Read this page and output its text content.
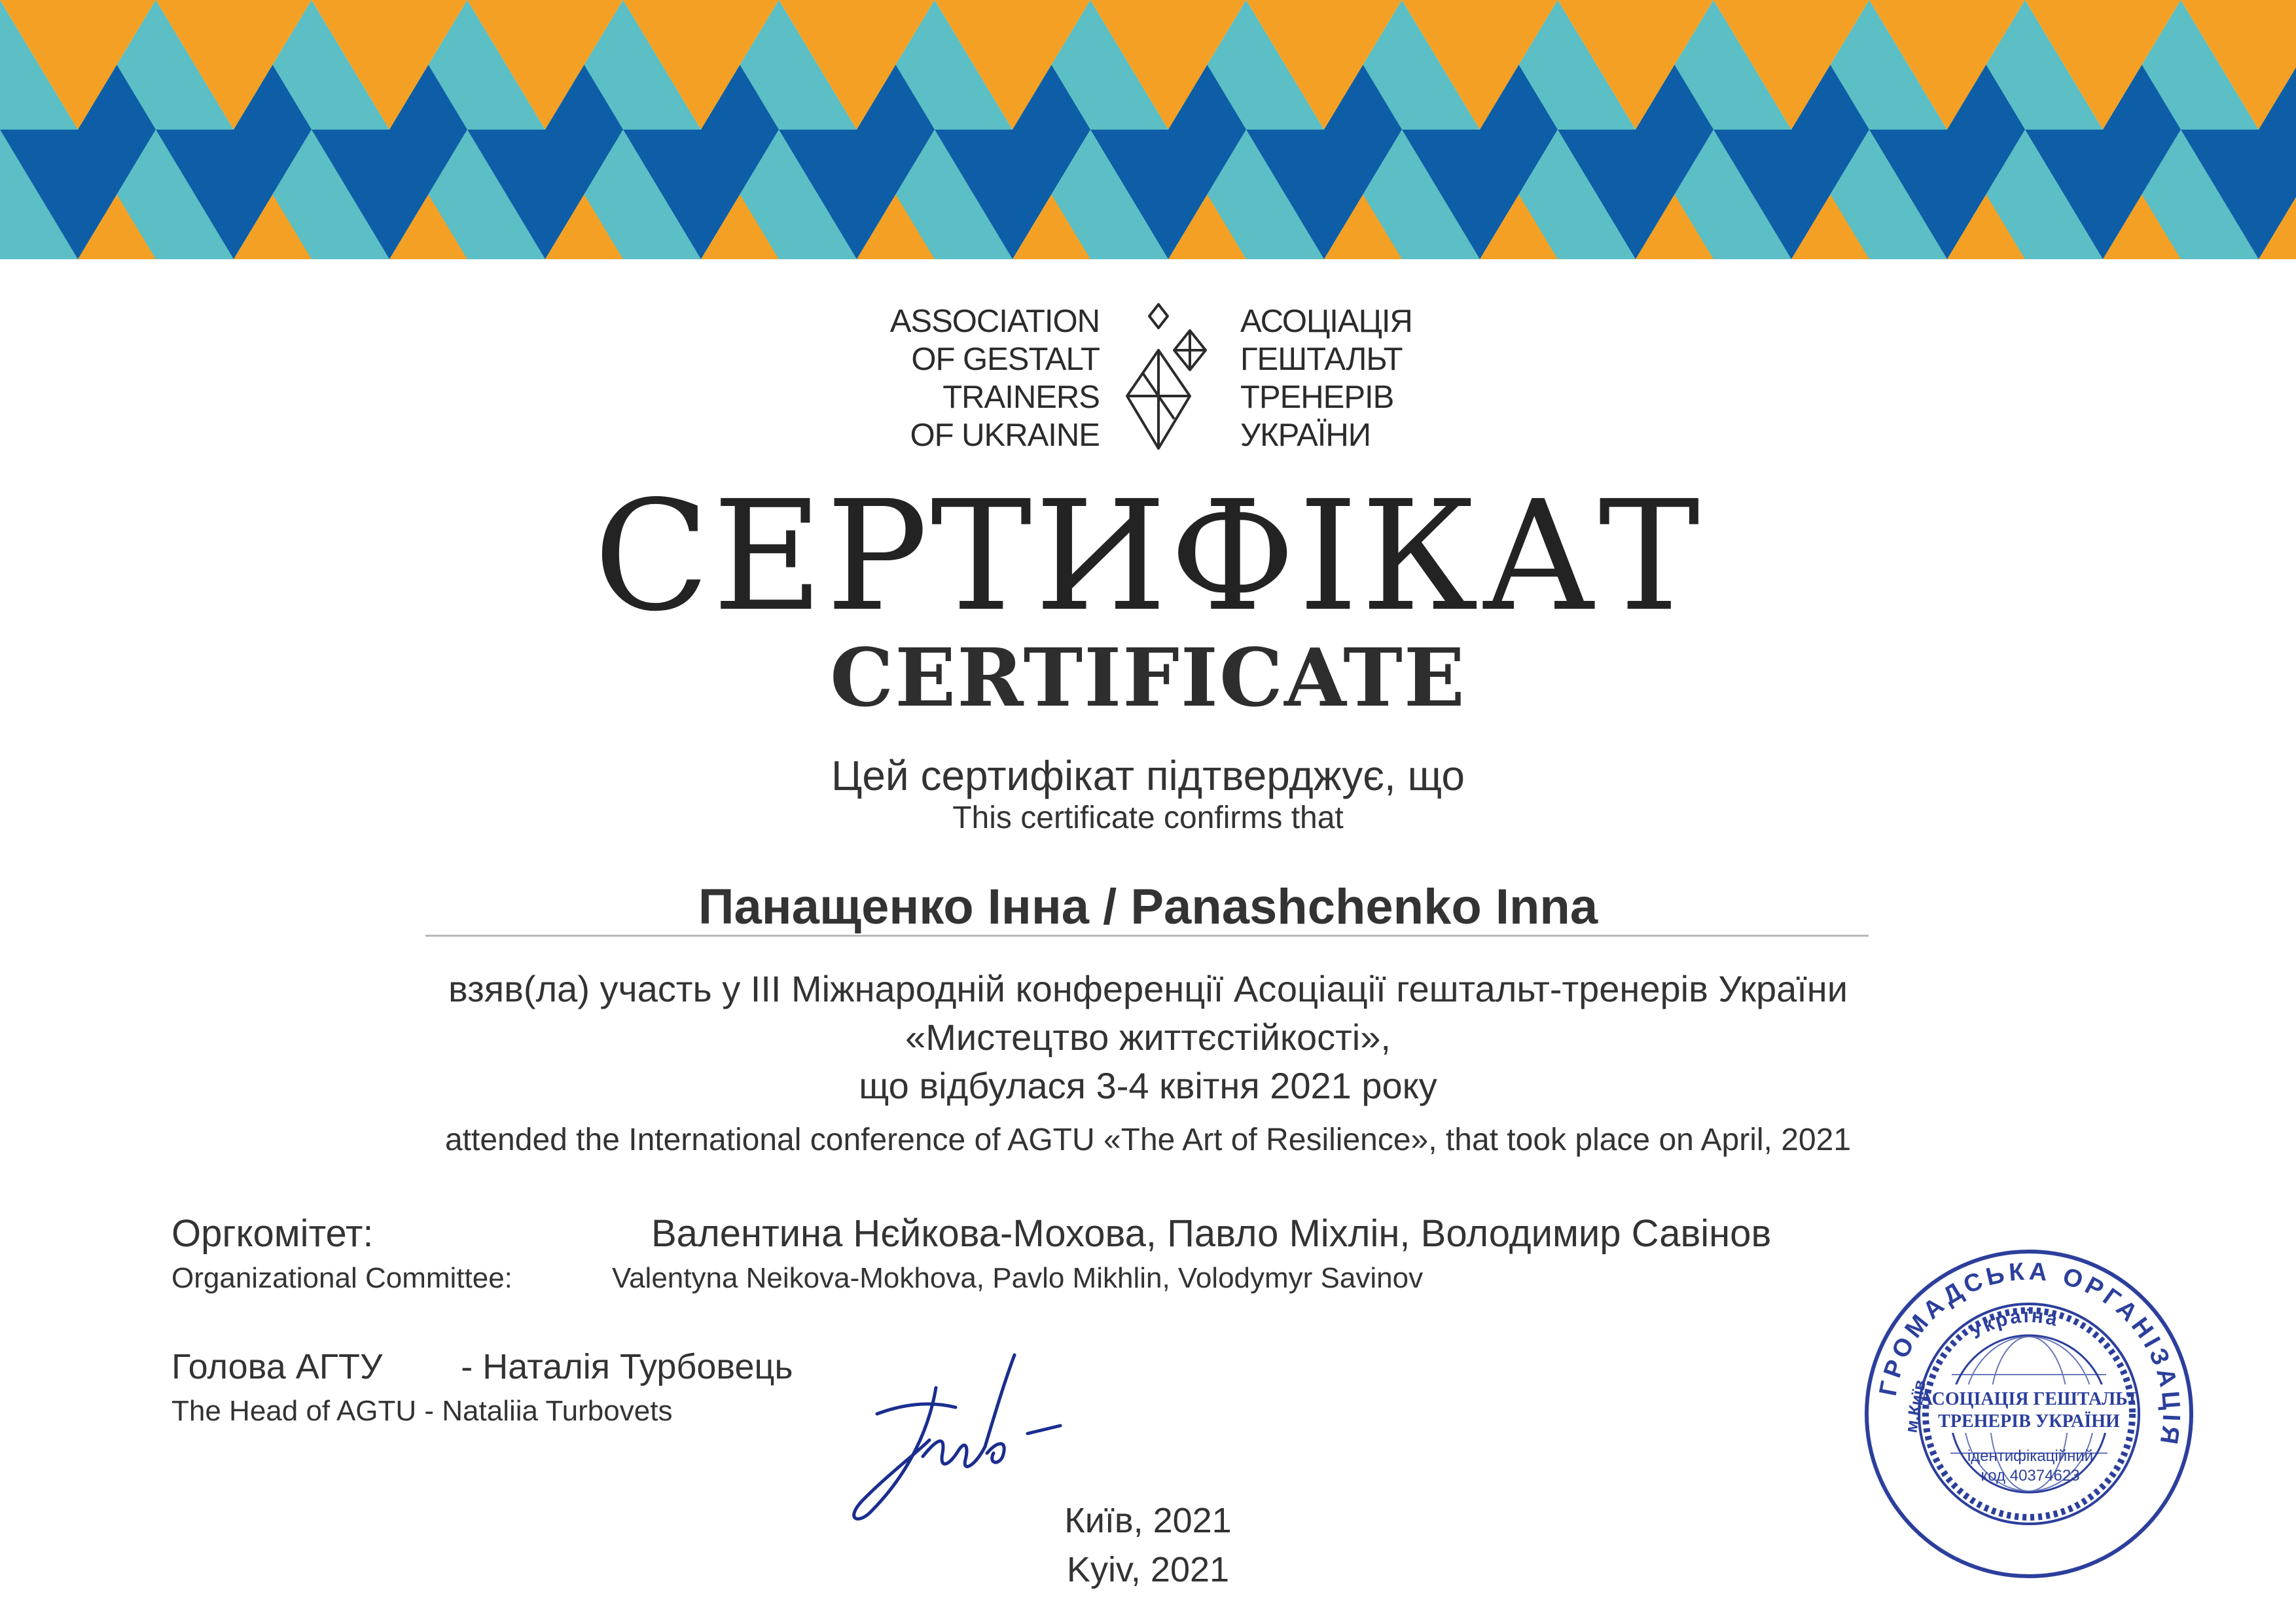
ASSOCIATION
OF GESTALT
TRAINERS
OF UKRAINE
АСОЦІАЦІЯ
ГЕШТАЛЬТ
ТРЕНЕРІВ
УКРАЇНИ
СЕРТИФІКАТ
CERTIFICATE
Цей сертифікат підтверджує, що
This certificate confirms that
Панащенко Інна / Panashchenko Inna
взяв(ла) участь у ІІІ Міжнародній конференції Асоціації гештальт-тренерів України
«Мистецтво життєстійкості»,
що відбулася 3-4 квітня 2021 року
attended the International conference of AGTU «The Art of Resilience», that took place on April, 2021
Оргкомітет:	Валентина Нєйкова-Мохова, Павло Міхлін, Володимир Савінов
Organizational Committee:	Valentyna Neikova-Mokhova, Pavlo Mikhlin, Volodymyr Savinov
Голова АГТУ        - Наталія Турбовець
The Head of AGTU - Nataliia Turbovets
Київ, 2021
Kyiv, 2021
ГРОМАДСЬКА ОРГАНІЗАЦІЯ
Україна
м.Київ
АСОЦІАЦІЯ ГЕШТАЛЬТ
ТРЕНЕРІВ УКРАЇНИ
ідентифікаційний
код 40374623
